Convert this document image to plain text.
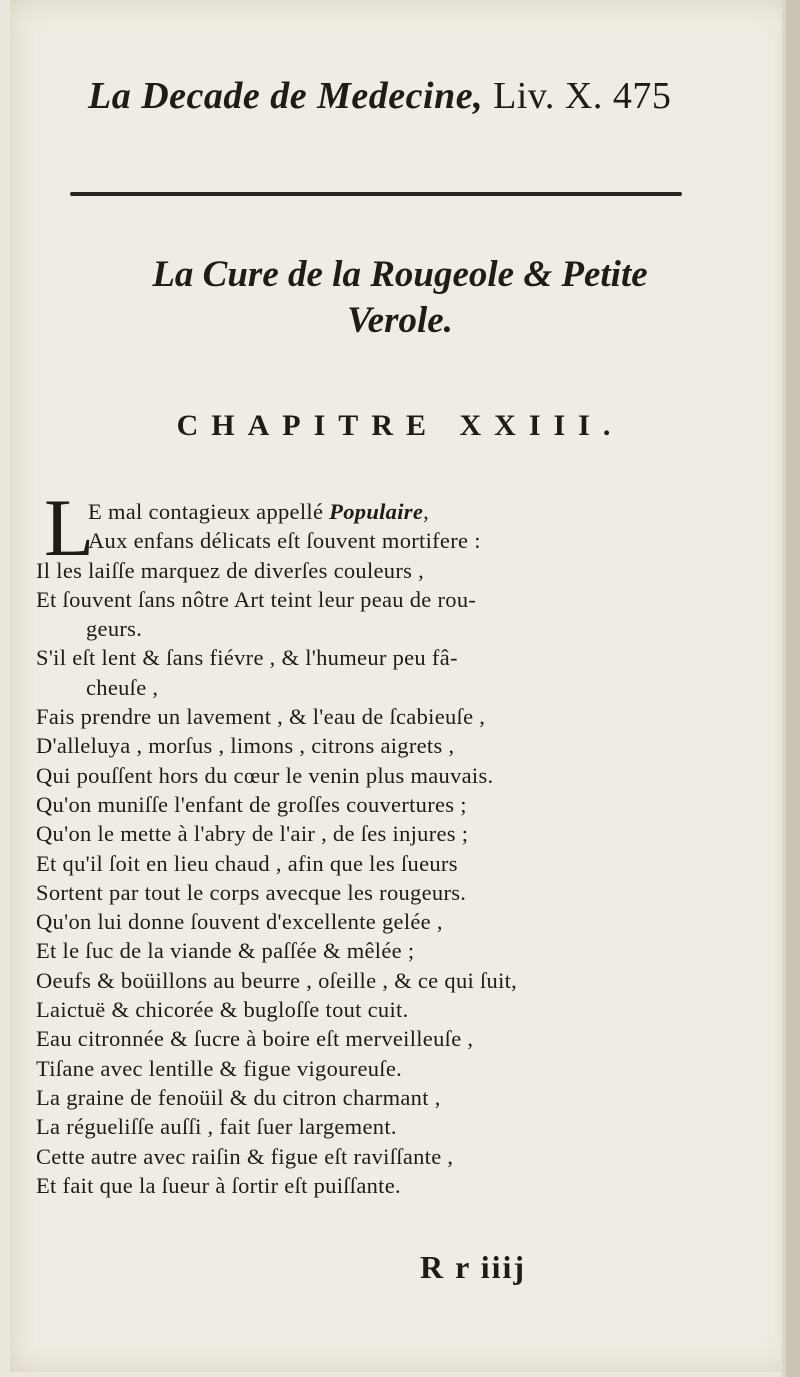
La Decade de Medecine, Liv. X. 475
La Cure de la Rougeole & Petite
Verole.
CHAPITRE XXIII.
L
E mal contagieux appellé Populaire,
Aux enfans délicats eſt ſouvent mortifere :
Il les laiſſe marquez de diverſes couleurs ,
Et ſouvent ſans nôtre Art teint leur peau de rou-
geurs.
S'il eſt lent & ſans fiévre , & l'humeur peu fâ-
cheuſe ,
Fais prendre un lavement , & l'eau de ſcabieuſe ,
D'alleluya , morſus , limons , citrons aigrets ,
Qui pouſſent hors du cœur le venin plus mauvais.
Qu'on muniſſe l'enfant de groſſes couvertures ;
Qu'on le mette à l'abry de l'air , de ſes injures ;
Et qu'il ſoit en lieu chaud , afin que les ſueurs
Sortent par tout le corps avecque les rougeurs.
Qu'on lui donne ſouvent d'excellente gelée ,
Et le ſuc de la viande & paſſée & mêlée ;
Oeufs & boüillons au beurre , oſeille , & ce qui ſuit,
Laictuë & chicorée & bugloſſe tout cuit.
Eau citronnée & ſucre à boire eſt merveilleuſe ,
Tiſane avec lentille & figue vigoureuſe.
La graine de fenoüil & du citron charmant ,
La régueliſſe auſſi , fait ſuer largement.
Cette autre avec raiſin & figue eſt raviſſante ,
Et fait que la ſueur à ſortir eſt puiſſante.
R r iiij
